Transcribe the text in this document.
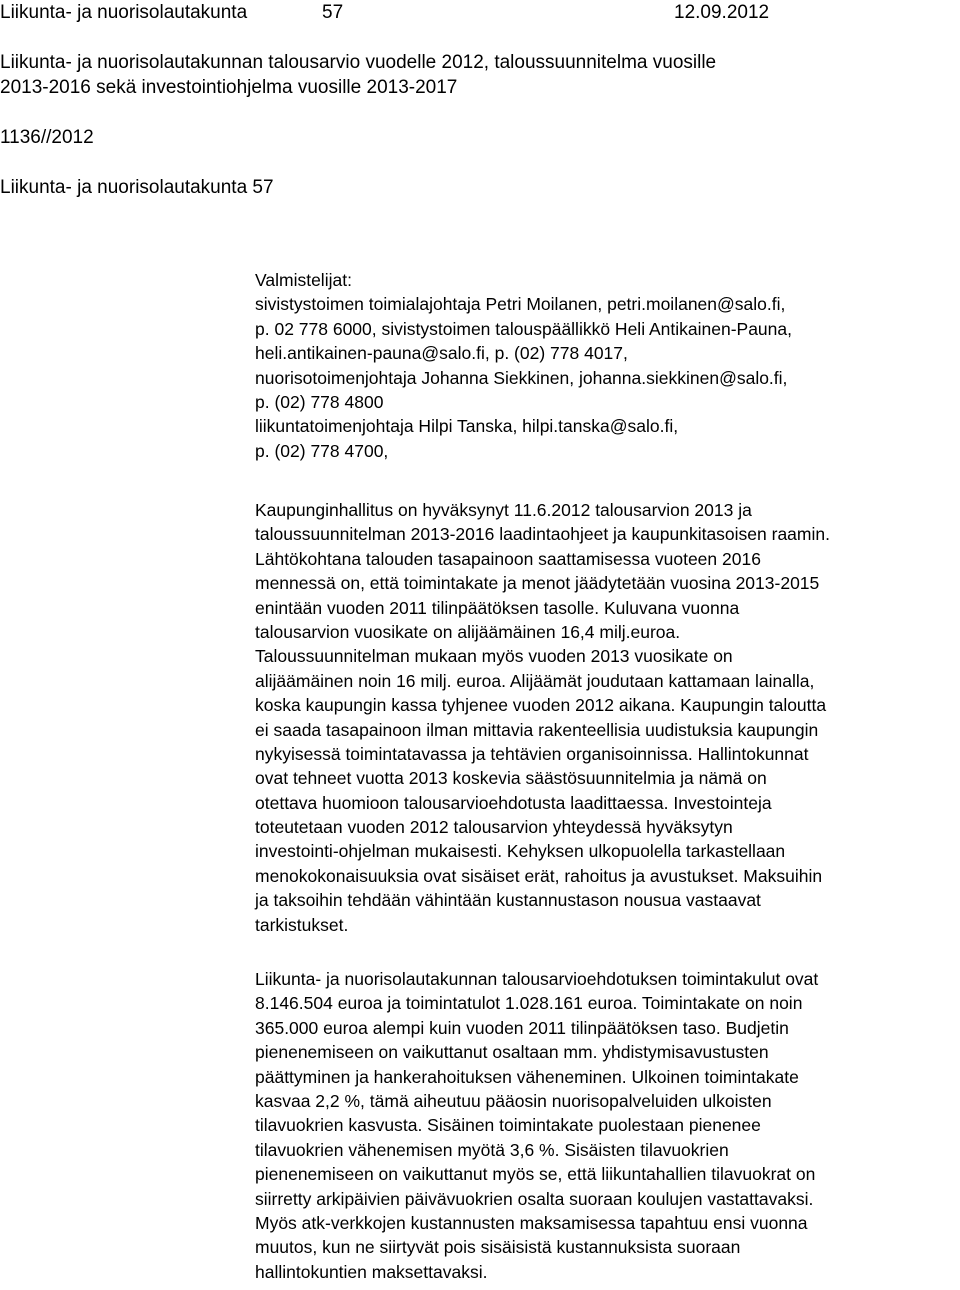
Liikunta- ja nuorisolautakunta	57	12.09.2012
Liikunta- ja nuorisolautakunnan talousarvio vuodelle 2012, taloussuunnitelma vuosille
2013-2016 sekä investointiohjelma vuosille 2013-2017
1136//2012
Liikunta- ja nuorisolautakunta 57
Valmistelijat:
sivistystoimen toimialajohtaja Petri Moilanen, petri.moilanen@salo.fi,
p. 02 778 6000, sivistystoimen talouspäällikkö Heli Antikainen-Pauna,
heli.antikainen-pauna@salo.fi, p. (02) 778 4017,
nuorisotoimenjohtaja Johanna Siekkinen, johanna.siekkinen@salo.fi,
p. (02) 778 4800
liikuntatoimenjohtaja Hilpi Tanska, hilpi.tanska@salo.fi,
p. (02) 778 4700,
Kaupunginhallitus on hyväksynyt 11.6.2012 talousarvion 2013 ja
taloussuunnitelman 2013-2016 laadintaohjeet ja kaupunkitasoisen raamin.
Lähtökohtana talouden tasapainoon saattamisessa vuoteen 2016
mennessä on, että toimintakate ja menot jäädytetään vuosina 2013-2015
enintään vuoden 2011 tilinpäätöksen tasolle. Kuluvana vuonna
talousarvion vuosikate on alijäämäinen 16,4 milj.euroa.
Taloussuunnitelman mukaan myös vuoden 2013 vuosikate on
alijäämäinen noin 16 milj. euroa. Alijäämät joudutaan kattamaan lainalla,
koska kaupungin kassa tyhjenee vuoden 2012 aikana. Kaupungin taloutta
ei saada tasapainoon ilman mittavia rakenteellisia uudistuksia kaupungin
nykyisessä toimintatavassa ja tehtävien organisoinnissa. Hallintokunnat
ovat tehneet vuotta 2013 koskevia säästösuunnitelmia ja nämä on
otettava huomioon talousarvioehdotusta laadittaessa. Investointeja
toteutetaan vuoden 2012 talousarvion yhteydessä hyväksytyn
investointi-ohjelman mukaisesti. Kehyksen ulkopuolella tarkastellaan
menokokonaisuuksia ovat sisäiset erät, rahoitus ja avustukset. Maksuihin
ja taksoihin tehdään vähintään kustannustason nousua vastaavat
tarkistukset.
Liikunta- ja nuorisolautakunnan talousarvioehdotuksen toimintakulut ovat
8.146.504 euroa ja toimintatulot 1.028.161 euroa. Toimintakate on noin
365.000 euroa alempi kuin vuoden 2011 tilinpäätöksen taso. Budjetin
pienenemiseen on vaikuttanut osaltaan mm. yhdistymisavustusten
päättyminen ja hankerahoituksen väheneminen. Ulkoinen toimintakate
kasvaa 2,2 %, tämä aiheutuu pääosin nuorisopalveluiden ulkoisten
tilavuokrien kasvusta. Sisäinen toimintakate puolestaan pienenee
tilavuokrien vähenemisen myötä 3,6 %. Sisäisten tilavuokrien
pienenemiseen on vaikuttanut myös se, että liikuntahallien tilavuokrat on
siirretty arkipäivien päivävuokrien osalta suoraan koulujen vastattavaksi.
Myös atk-verkkojen kustannusten maksamisessa tapahtuu ensi vuonna
muutos, kun ne siirtyvät pois sisäisistä kustannuksista suoraan
hallintokuntien maksettavaksi.
